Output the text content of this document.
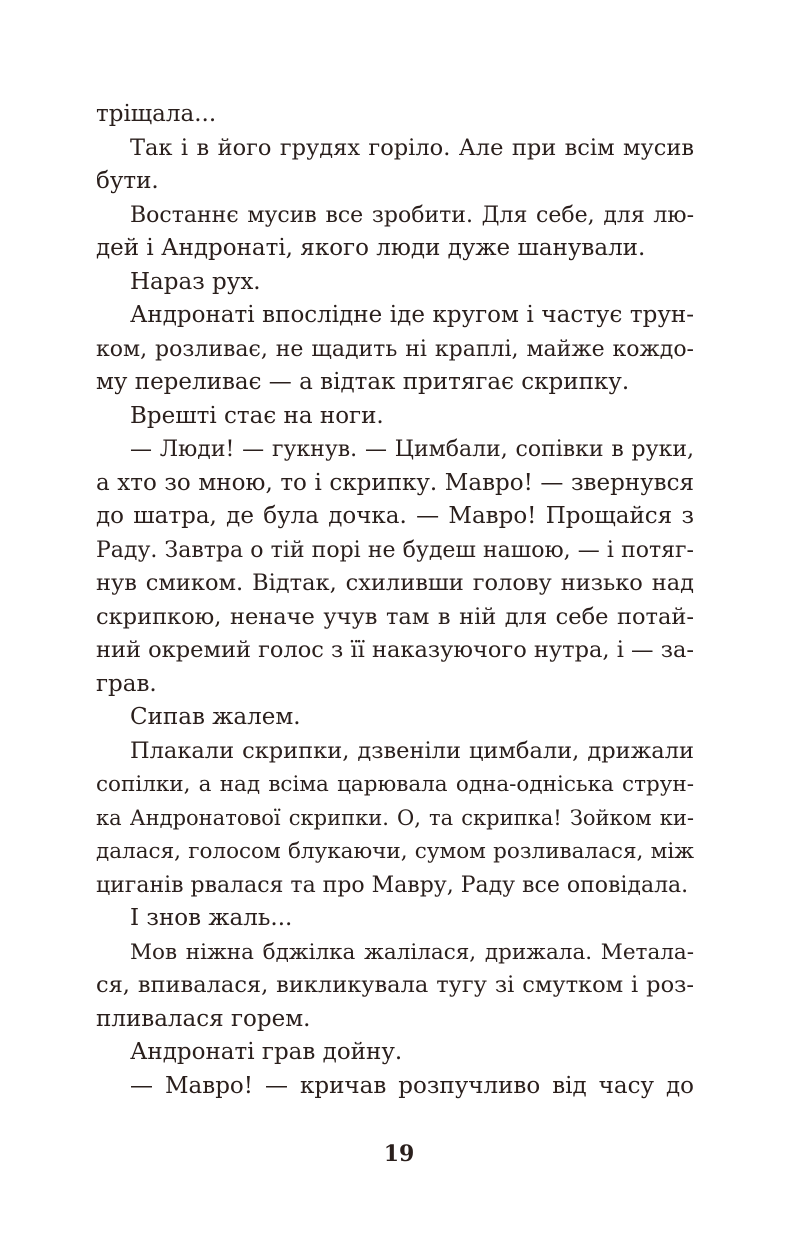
тріщала...
Так і в його грудях горіло. Але при всім мусив
бути.
Востаннє мусив все зробити. Для себе, для лю-
дей і Андронаті, якого люди дуже шанували.
Нараз рух.
Андронаті впослідне іде кругом і частує трун-
ком, розливає, не щадить ні краплі, майже кождо-
му переливає — а відтак притягає скрипку.
Врешті стає на ноги.
— Люди! — гукнув. — Цимбали, сопівки в руки,
а хто зо мною, то і скрипку. Мавро! — звернувся
до шатра, де була дочка. — Мавро! Прощайся з
Раду. Завтра о тій порі не будеш нашою, — і потяг-
нув смиком. Відтак, схиливши голову низько над
скрипкою, неначе учув там в ній для себе потай-
ний окремий голос з її наказуючого нутра, і — за-
грав.
Сипав жалем.
Плакали скрипки, дзвеніли цимбали, дрижали
сопілки, а над всіма царювала одна-одніська струн-
ка Андронатової скрипки. О, та скрипка! Зойком ки-
далася, голосом блукаючи, сумом розливалася, між
циганів рвалася та про Мавру, Раду все оповідала.
І знов жаль...
Мов ніжна бджілка жалілася, дрижала. Металa-
ся, впивалася, викликувала тугу зі смутком і роз-
пливалася горем.
Андронаті грав дойну.
— Мавро! — кричав розпучливо від часу до
19
